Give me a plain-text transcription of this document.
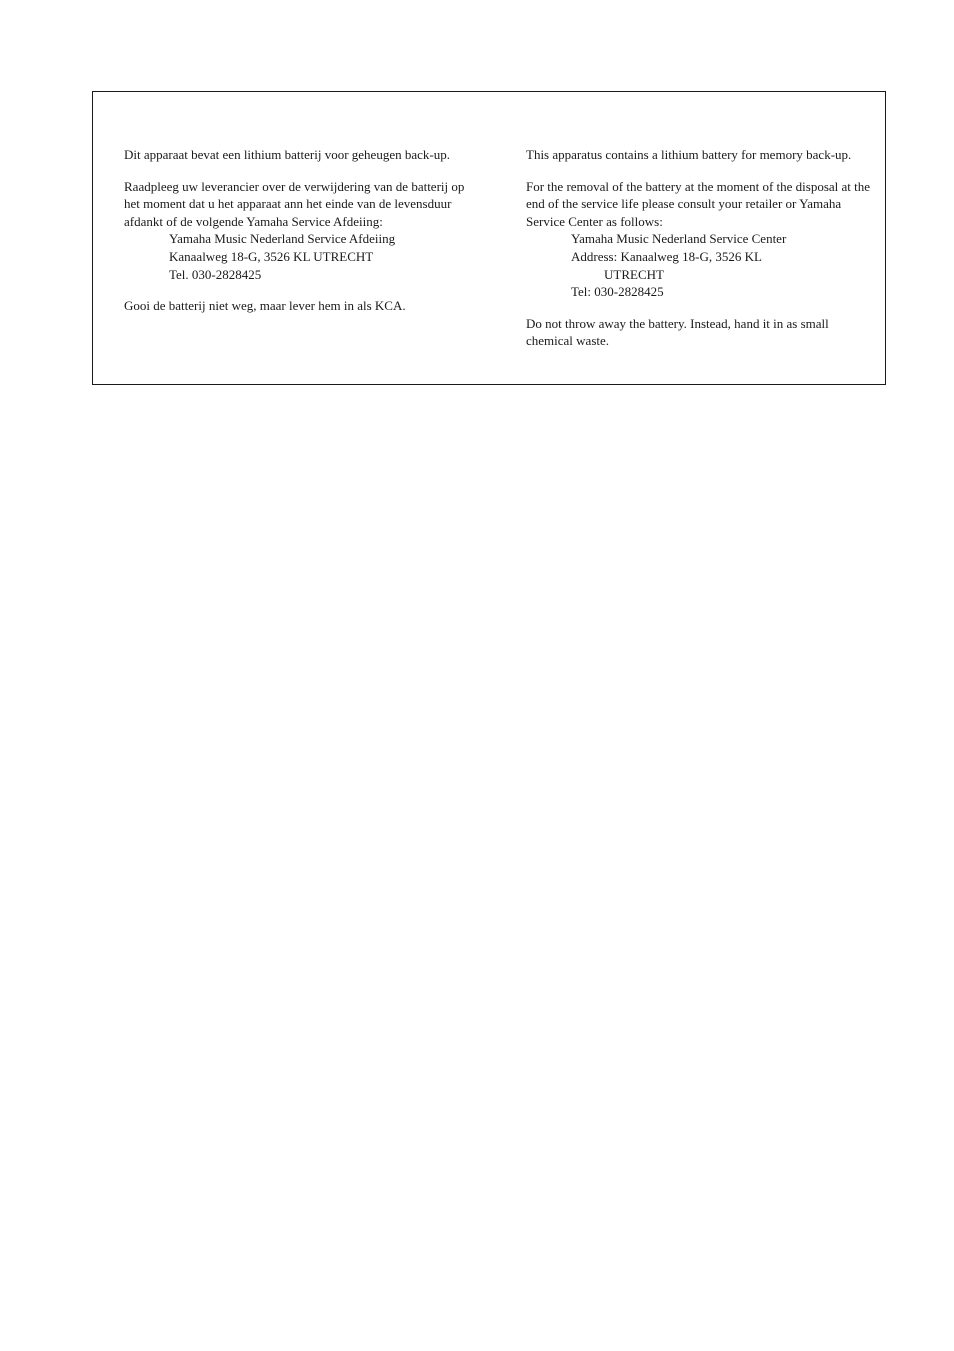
Dit apparaat bevat een lithium batterij voor geheugen back-up.

Raadpleeg uw leverancier over de verwijdering van de batterij op het moment dat u het apparaat ann het einde van de levensduur afdankt of de volgende Yamaha Service Afdeiing:

Yamaha Music Nederland Service Afdeiing
Kanaalweg 18-G, 3526 KL UTRECHT
Tel. 030-2828425

Gooi de batterij niet weg, maar lever hem in als KCA.

This apparatus contains a lithium battery for memory back-up.

For the removal of the battery at the moment of the disposal at the end of the service life please consult your retailer or Yamaha Service Center as follows:

Yamaha Music Nederland Service Center
Address: Kanaalweg 18-G, 3526 KL
UTRECHT
Tel: 030-2828425

Do not throw away the battery. Instead, hand it in as small chemical waste.
